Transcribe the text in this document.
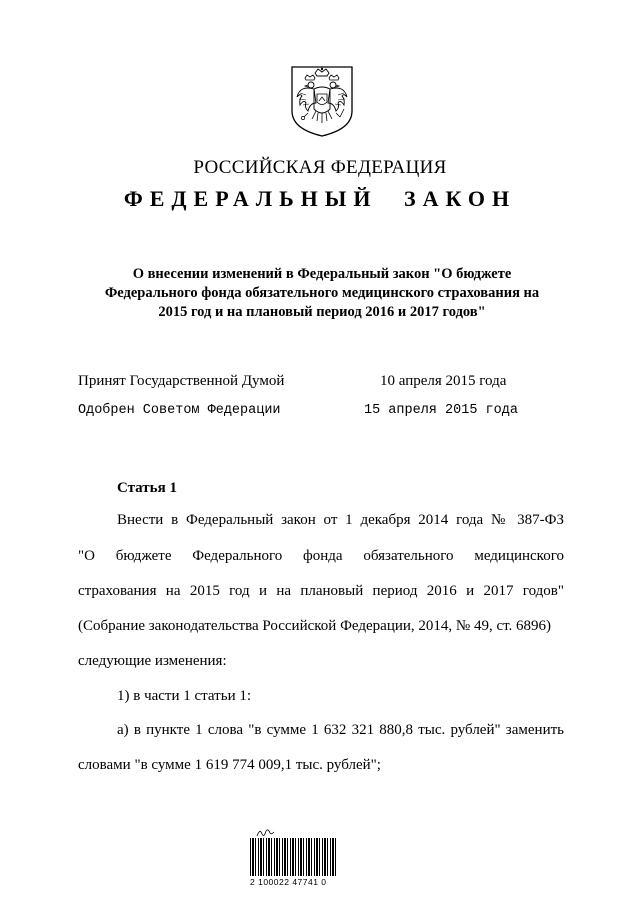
РОССИЙСКАЯ ФЕДЕРАЦИЯ
ФЕДЕРАЛЬНЫЙ ЗАКОН
О внесении изменений в Федеральный закон "О бюджете
Федерального фонда обязательного медицинского страхования на
2015 год и на плановый период 2016 и 2017 годов"
Принят Государственной Думой	10 апреля 2015 года
Одобрен Советом Федерации	15 апреля 2015 года
Статья 1
Внести в Федеральный закон от 1 декабря 2014 года № 387-ФЗ
"О бюджете Федерального фонда обязательного медицинского
страхования на 2015 год и на плановый период 2016 и 2017 годов"
(Собрание законодательства Российской Федерации, 2014, № 49, ст. 6896)
следующие изменения:
1) в части 1 статьи 1:
а) в пункте 1 слова "в сумме 1 632 321 880,8 тыс. рублей" заменить
словами "в сумме 1 619 774 009,1 тыс. рублей";
2 100022 47741 0
